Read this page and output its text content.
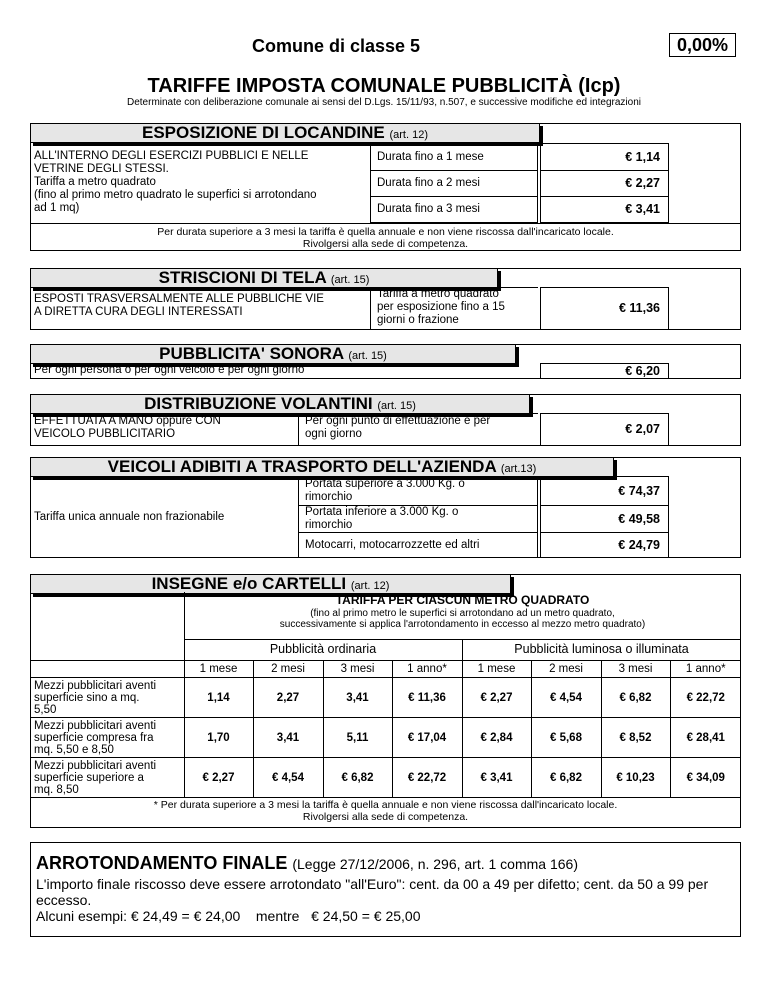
Comune di classe 5	0,00%
TARIFFE IMPOSTA COMUNALE PUBBLICITÀ (Icp)
Determinate con deliberazione comunale ai sensi del D.Lgs. 15/11/93, n.507, e successive modifiche ed integrazioni
ESPOSIZIONE DI LOCANDINE (art. 12)
ALL'INTERNO DEGLI ESERCIZI PUBBLICI E NELLE
VETRINE DEGLI STESSI.
Tariffa a metro quadrato
(fino al primo metro quadrato le superfici si arrotondano
ad 1 mq)
Durata fino a 1 mese	€ 1,14
Durata fino a 2 mesi	€ 2,27
Durata fino a 3 mesi	€ 3,41
Per durata superiore a 3 mesi la tariffa è quella annuale e non viene riscossa dall'incaricato locale.
Rivolgersi alla sede di competenza.
STRISCIONI DI TELA (art. 15)
ESPOSTI TRASVERSALMENTE ALLE PUBBLICHE VIE
A DIRETTA CURA DEGLI INTERESSATI
Tariffa a metro quadrato
per esposizione fino a 15
giorni o frazione
€ 11,36
PUBBLICITA' SONORA (art. 15)
Per ogni persona o per ogni veicolo e per ogni giorno	€ 6,20
DISTRIBUZIONE VOLANTINI (art. 15)
EFFETTUATA A MANO oppure CON
VEICOLO PUBBLICITARIO
Per ogni punto di effettuazione e per
ogni giorno	€ 2,07
VEICOLI ADIBITI A TRASPORTO DELL'AZIENDA (art.13)
Tariffa unica annuale non frazionabile
Portata superiore a 3.000 Kg. o
rimorchio	€ 74,37
Portata inferiore a 3.000 Kg. o
rimorchio	€ 49,58
Motocarri, motocarrozzette ed altri	€ 24,79
INSEGNE e/o CARTELLI (art. 12)
TARIFFA PER CIASCUN METRO QUADRATO
(fino al primo metro le superfici si arrotondano ad un metro quadrato,
successivamente si applica l'arrotondamento in eccesso al mezzo metro quadrato)
Pubblicità ordinaria	Pubblicità luminosa o illuminata
	1 mese	2 mesi	3 mesi	1 anno*	1 mese	2 mesi	3 mesi	1 anno*

Mezzi pubblicitari aventi
superficie sino a mq.
5,50	1,14	2,27	3,41	€ 11,36	€ 2,27	€ 4,54	€ 6,82	€ 22,72

Mezzi pubblicitari aventi
superficie compresa fra
mq. 5,50 e 8,50	1,70	3,41	5,11	€ 17,04	€ 2,84	€ 5,68	€ 8,52	€ 28,41

Mezzi pubblicitari aventi
superficie superiore a
mq. 8,50	€ 2,27	€ 4,54	€ 6,82	€ 22,72	€ 3,41	€ 6,82	€ 10,23	€ 34,09
* Per durata superiore a 3 mesi la tariffa è quella annuale e non viene riscossa dall'incaricato locale.
Rivolgersi alla sede di competenza.
ARROTONDAMENTO FINALE (Legge 27/12/2006, n. 296, art. 1 comma 166)
L'importo finale riscosso deve essere arrotondato "all'Euro": cent. da 00 a 49 per difetto; cent. da 50 a 99 per
eccesso.
Alcuni esempi: € 24,49 = € 24,00 mentre € 24,50 = € 25,00
